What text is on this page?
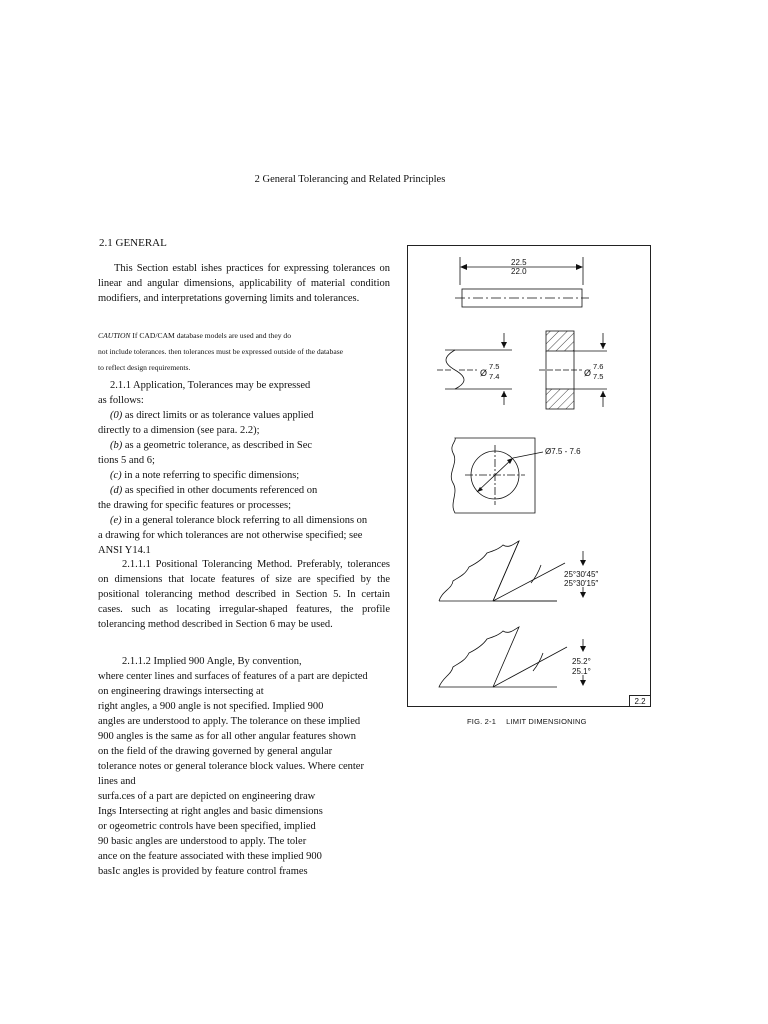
2 General Tolerancing and Related Principles
2.1 GENERAL
This Section establ ishes practices for expressing tolerances on linear and angular dimensions, applicability of material condition modifiers, and interpretations governing limits and tolerances.

CAUTION If CAD/CAM database models are used and they do

not include tolerances. then tolerances must be expressed outside of the database

to reflect design requirements.

2.1.1 Application, Tolerances may be expressed

as follows:

(0) as direct limits or as tolerance values applied

directly to a dimension (see para. 2.2);

(b) as a geometric tolerance, as described in Sec

tions 5 and 6;

(c) in a note referring to specific dimensions;

(d) as specified in other documents referenced on

the drawing for specific features or processes;

(e) in a general tolerance block referring to all dimensions on

a drawing for which tolerances are not otherwise specified; see

ANSI Y14.1

2.1.1.1 Positional Tolerancing Method. Preferably, tolerances on dimensions that locate features of size are specified by the positional tolerancing method described in Section 5. In certain cases. such as locating irregular-shaped features, the profile tolerancing method described in Section 6 may be used.

2.1.1.2 Implied 900 Angle, By convention,

where center lines and surfaces of features of a part are depicted

on engineering drawings intersecting at

right angles, a 900 angle is not specified. Implied 900

angles are understood to apply. The tolerance on these implied

900 angles is the same as for all other angular features shown

on the field of the drawing governed by general angular

tolerance notes or general tolerance block values. Where center

lines and

surfa.ces of a part are depicted on engineering draw

Ings Intersecting at right angles and basic dimensions

or ogeometric controls have been specified, implied

90 basic angles are understood to apply. The toler

ance on the feature associated with these implied 900

basIc angles is provided by feature control frames

22.5
22.0
Ø
7.5
7.4	Ø
7.6
7.5
Ø7.5 - 7.6
25°30′45″
25°30′15″
25.2°
25.1°
2.2
FIG. 2-1 LIMIT DIMENSIONING
